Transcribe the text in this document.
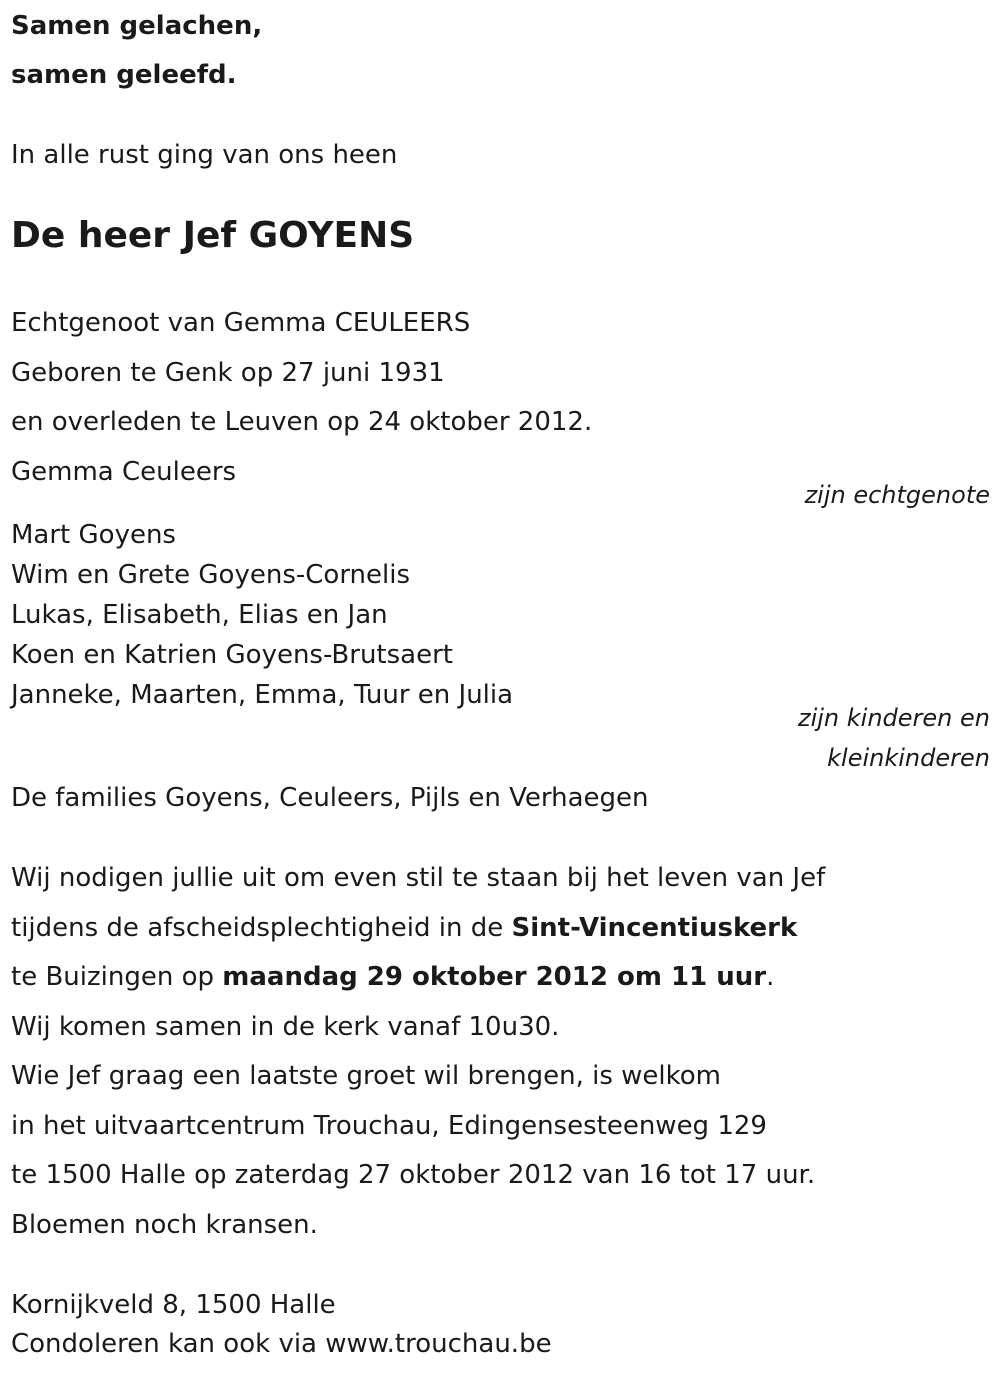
Samen gelachen,
samen geleefd.
In alle rust ging van ons heen
De heer Jef GOYENS
Echtgenoot van Gemma CEULEERS
Geboren te Genk op 27 juni 1931
en overleden te Leuven op 24 oktober 2012.
Gemma Ceuleers
zijn echtgenote
Mart Goyens
Wim en Grete Goyens-Cornelis
Lukas, Elisabeth, Elias en Jan
Koen en Katrien Goyens-Brutsaert
Janneke, Maarten, Emma, Tuur en Julia
zijn kinderen en
kleinkinderen
De families Goyens, Ceuleers, Pijls en Verhaegen
Wij nodigen jullie uit om even stil te staan bij het leven van Jef
tijdens de afscheidsplechtigheid in de Sint-Vincentiuskerk
te Buizingen op maandag 29 oktober 2012 om 11 uur.
Wij komen samen in de kerk vanaf 10u30.
Wie Jef graag een laatste groet wil brengen, is welkom
in het uitvaartcentrum Trouchau, Edingensesteenweg 129
te 1500 Halle op zaterdag 27 oktober 2012 van 16 tot 17 uur.
Bloemen noch kransen.
Kornijkveld 8, 1500 Halle
Condoleren kan ook via www.trouchau.be
